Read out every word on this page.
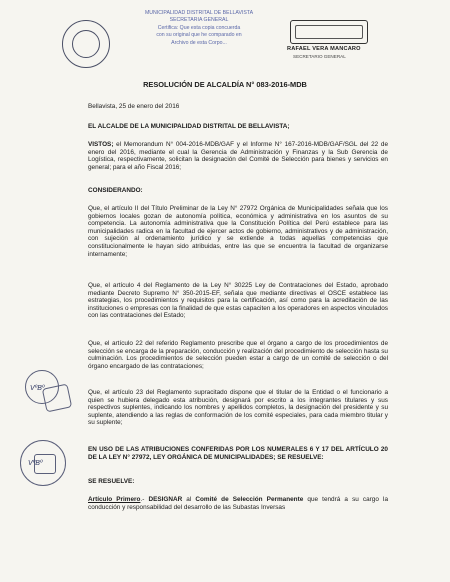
MUNICIPALIDAD DISTRITAL DE BELLAVISTA
SECRETARIA GENERAL
Certifica: Que esta copia concuerda
con su original que he comparado en
Archivo de esta Corpo...
RAFAEL VERA MANCARO
SECRETARIO GENERAL
RESOLUCIÓN DE ALCALDÍA N° 083-2016-MDB
Bellavista, 25 de enero del 2016
EL ALCALDE DE LA MUNICIPALIDAD DISTRITAL DE BELLAVISTA;
VISTOS; el Memorandum N° 004-2016-MDB/GAF y el Informe N° 167-2016-MDB/GAF/SGL del 22 de enero del 2016, mediante el cual la Gerencia de Administración y Finanzas y la Sub Gerencia de Logística, respectivamente, solicitan la designación del Comité de Selección para bienes y servicios en general; para el año Fiscal 2016;
CONSIDERANDO:
Que, el artículo II del Título Preliminar de la Ley N° 27972 Orgánica de Municipalidades señala que los gobiernos locales gozan de autonomía política, económica y administrativa en los asuntos de su competencia. La autonomía administrativa que la Constitución Política del Perú establece para las municipalidades radica en la facultad de ejercer actos de gobierno, administrativos y de administración, con sujeción al ordenamiento jurídico y se extiende a todas aquellas competencias que constitucionalmente le hayan sido atribuidas, entre las que se encuentra la facultad de organizarse internamente;
Que, el artículo 4 del Reglamento de la Ley N° 30225 Ley de Contrataciones del Estado, aprobado mediante Decreto Supremo N° 350-2015-EF, señala que mediante directivas el OSCE establece las estrategias, los procedimientos y requisitos para la certificación, así como para la acreditación de las instituciones o empresas con la finalidad de que estas capaciten a los operadores en aspectos vinculados con las contrataciones del Estado;
Que, el artículo 22 del referido Reglamento prescribe que el órgano a cargo de los procedimientos de selección se encarga de la preparación, conducción y realización del procedimiento de selección hasta su culminación. Los procedimientos de selección pueden estar a cargo de un comité de selección o del órgano encargado de las contrataciones;
Que, el artículo 23 del Reglamento supracitado dispone que el titular de la Entidad o el funcionario a quien se hubiera delegado esta atribución, designará por escrito a los integrantes titulares y sus respectivos suplentes, indicando los nombres y apellidos completos, la designación del presidente y su suplente, atendiendo a las reglas de conformación de los comité especiales, para cada miembro titular y su suplente;
EN USO DE LAS ATRIBUCIONES CONFERIDAS POR LOS NUMERALES 6 Y 17 DEL ARTÍCULO 20 DE LA LEY N° 27972, LEY ORGÁNICA DE MUNICIPALIDADES; SE RESUELVE:
SE RESUELVE:
Artículo Primero.- DESIGNAR al Comité de Selección Permanente que tendrá a su cargo la conducción y responsabilidad del desarrollo de las Subastas Inversas
VºBº
VºBº
